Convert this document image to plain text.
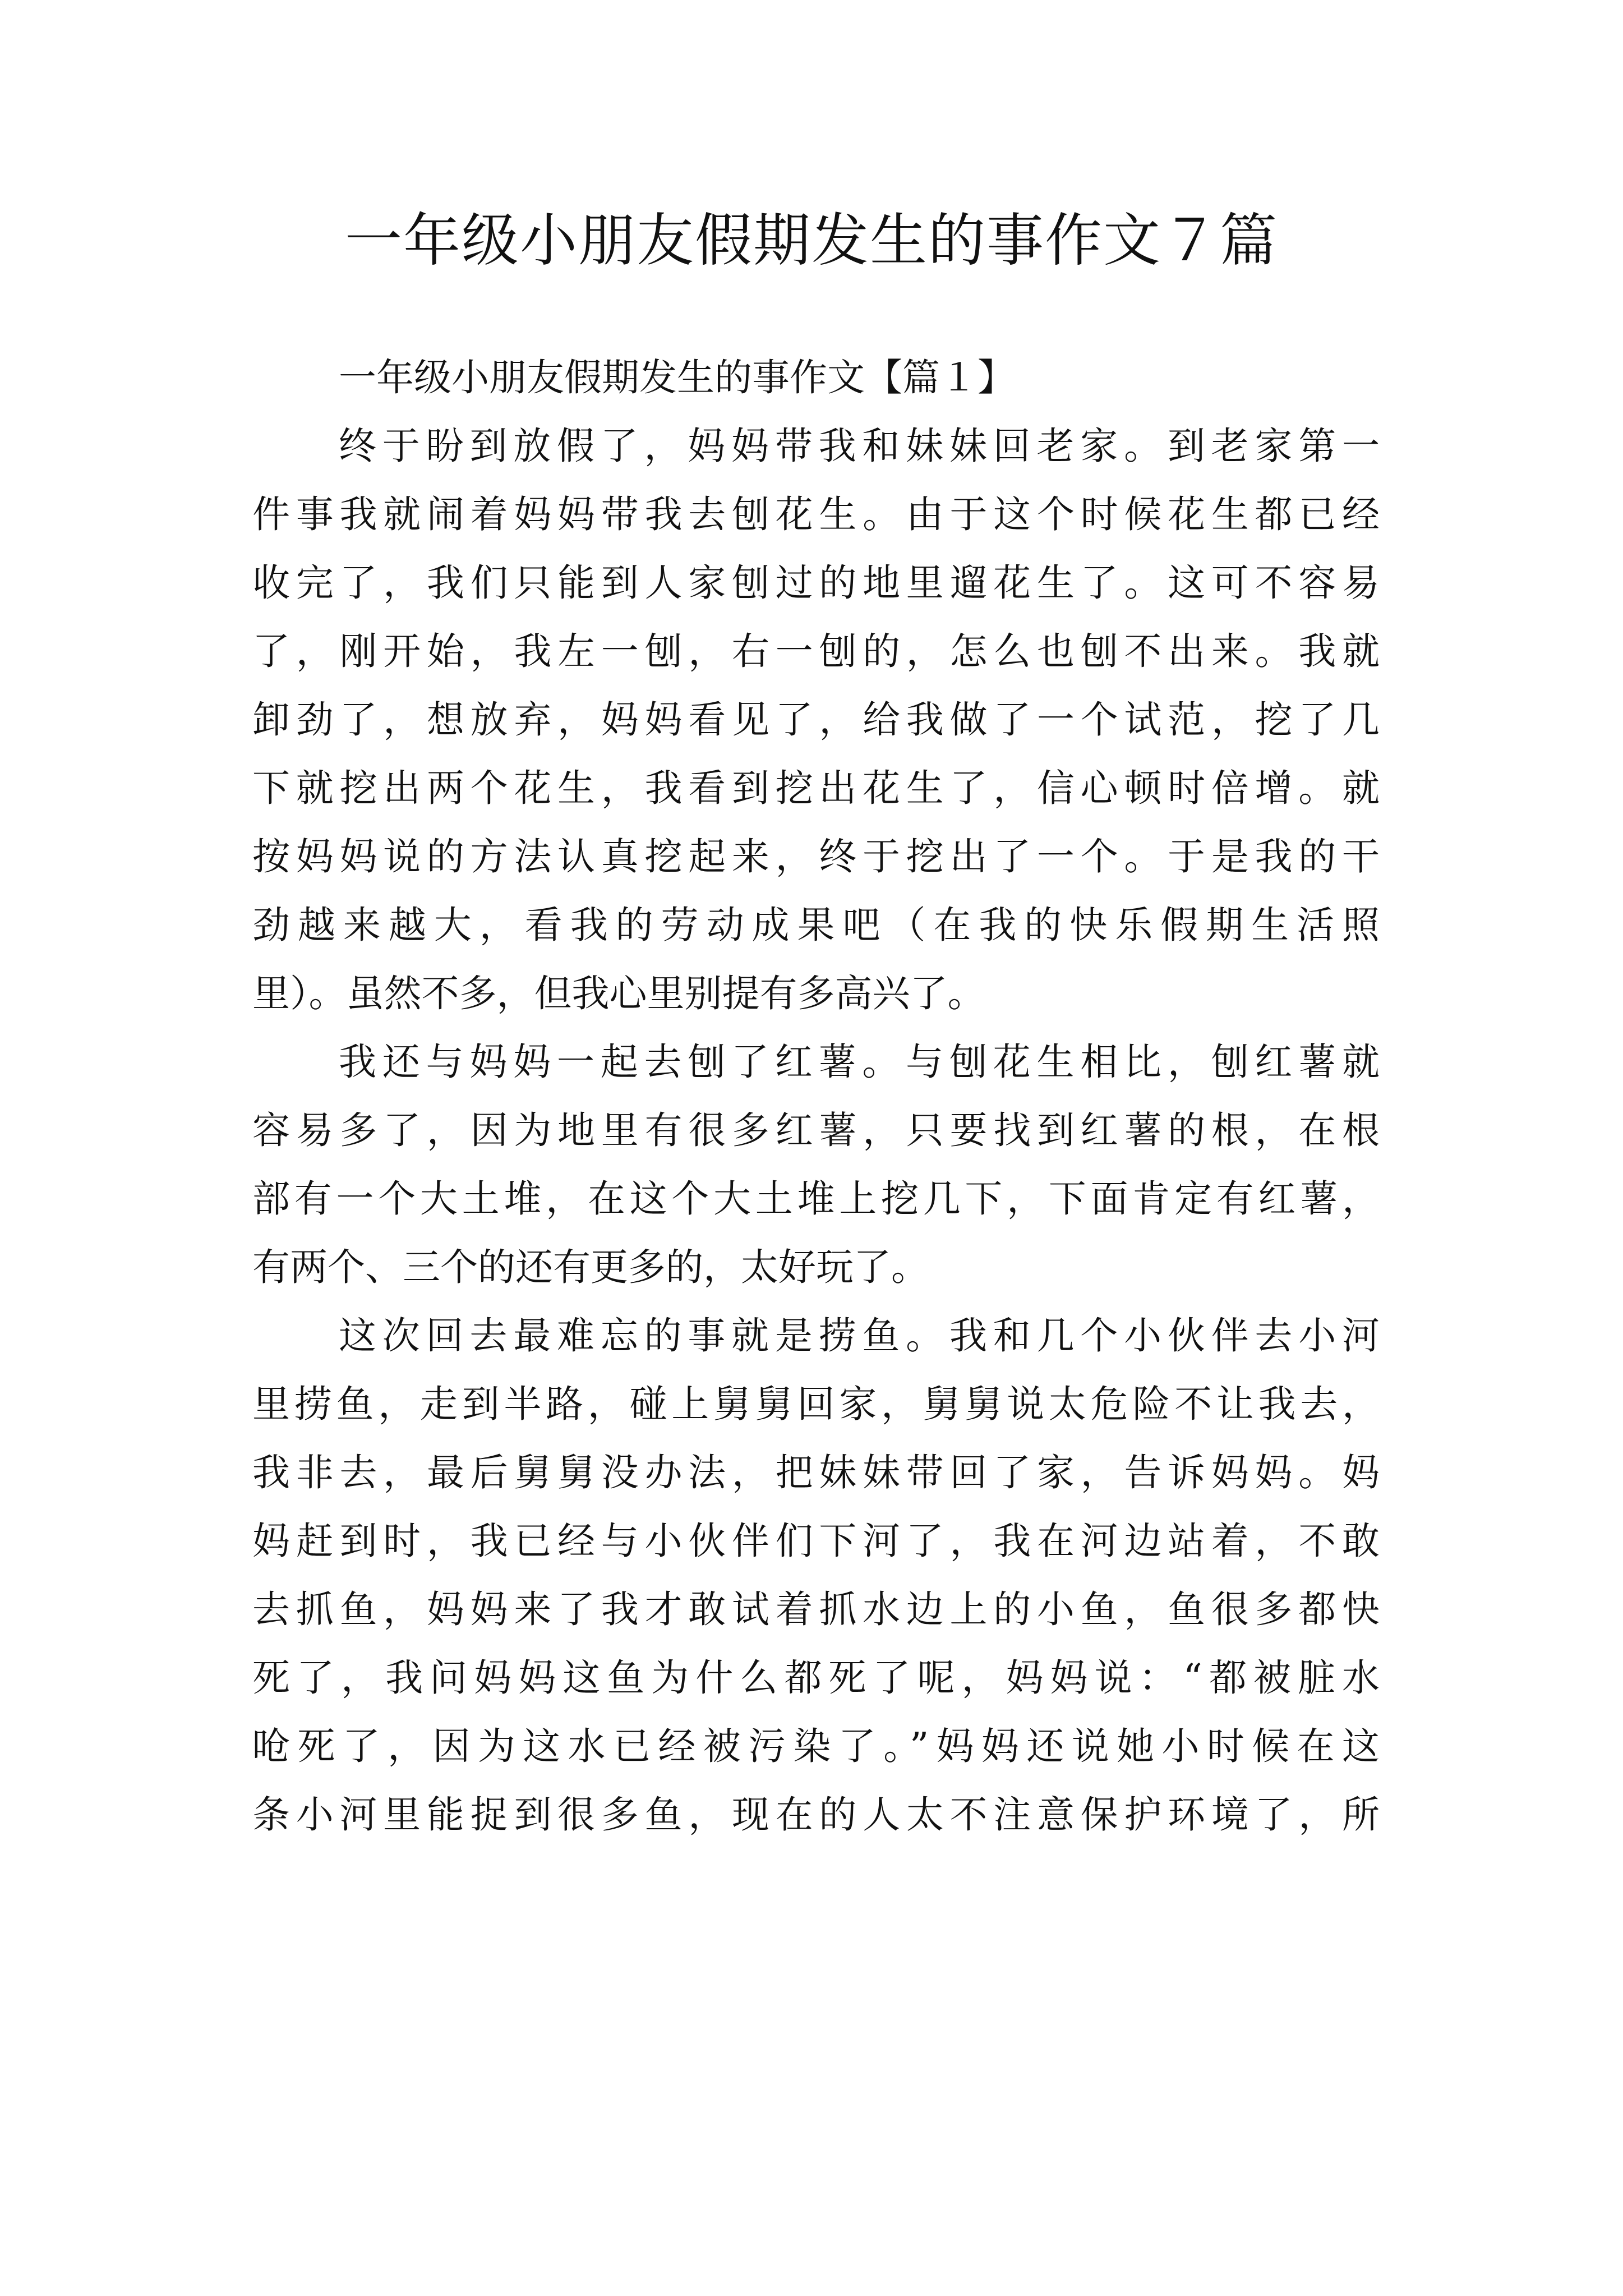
一年级小朋友假期发生的事作文７篇
一年级小朋友假期发生的事作文【篇１】
终于盼到放假了，妈妈带我和妹妹回老家。到老家第一
件事我就闹着妈妈带我去刨花生。由于这个时候花生都已经
收完了，我们只能到人家刨过的地里遛花生了。这可不容易
了，刚开始，我左一刨，右一刨的，怎么也刨不出来。我就
卸劲了，想放弃，妈妈看见了，给我做了一个试范，挖了几
下就挖出两个花生，我看到挖出花生了，信心顿时倍增。就
按妈妈说的方法认真挖起来，终于挖出了一个。于是我的干
劲越来越大，看我的劳动成果吧（在我的快乐假期生活照
里）。虽然不多，但我心里别提有多高兴了。
我还与妈妈一起去刨了红薯。与刨花生相比，刨红薯就
容易多了，因为地里有很多红薯，只要找到红薯的根，在根
部有一个大土堆，在这个大土堆上挖几下，下面肯定有红薯，
有两个、三个的还有更多的，太好玩了。
这次回去最难忘的事就是捞鱼。我和几个小伙伴去小河
里捞鱼，走到半路，碰上舅舅回家，舅舅说太危险不让我去，
我非去，最后舅舅没办法，把妹妹带回了家，告诉妈妈。妈
妈赶到时，我已经与小伙伴们下河了，我在河边站着，不敢
去抓鱼，妈妈来了我才敢试着抓水边上的小鱼，鱼很多都快
死了，我问妈妈这鱼为什么都死了呢，妈妈说：“都被脏水
呛死了，因为这水已经被污染了。”妈妈还说她小时候在这
条小河里能捉到很多鱼，现在的人太不注意保护环境了，所
